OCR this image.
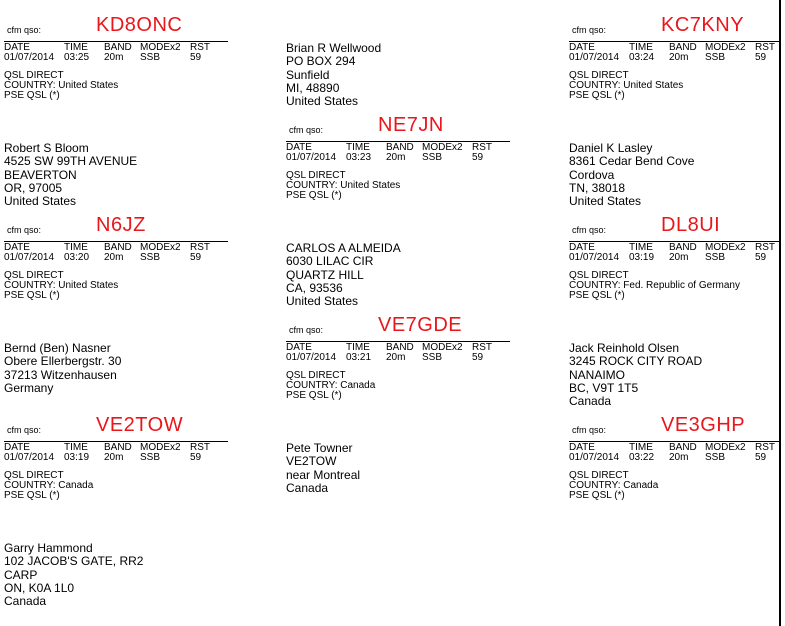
cfm qso:	KD8ONC
DATE	TIME BAND MODEx2 RST
01/07/2014 03:25 20m SSB	59
QSL DIRECT
COUNTRY: United States
PSE QSL (*)
cfm qso:	KC7KNY
DATE	TIME BAND MODEx2 RST
01/07/2014 03:24 20m SSB	59
QSL DIRECT
COUNTRY: United States
PSE QSL (*)
cfm qso:	NE7JN
DATE	TIME BAND MODEx2 RST
01/07/2014 03:23 20m SSB	59
QSL DIRECT
COUNTRY: United States
PSE QSL (*)
cfm qso:	N6JZ
DATE	TIME BAND MODEx2 RST
01/07/2014 03:20 20m SSB	59
QSL DIRECT
COUNTRY: United States
PSE QSL (*)
cfm qso:	DL8UI
DATE	TIME BAND MODEx2 RST
01/07/2014 03:19 20m SSB	59
QSL DIRECT
COUNTRY: Fed. Republic of Germany
PSE QSL (*)
cfm qso:	VE7GDE
DATE	TIME BAND MODEx2 RST
01/07/2014 03:21 20m SSB	59
QSL DIRECT
COUNTRY: Canada
PSE QSL (*)
cfm qso:	VE2TOW
DATE	TIME BAND MODEx2 RST
01/07/2014 03:19 20m SSB	59
QSL DIRECT
COUNTRY: Canada
PSE QSL (*)
cfm qso:	VE3GHP
DATE	TIME BAND MODEx2 RST
01/07/2014 03:22 20m SSB	59
QSL DIRECT
COUNTRY: Canada
PSE QSL (*)
Brian R Wellwood
PO BOX 294
Sunfield
MI, 48890
United States
Robert S Bloom
4525 SW 99TH AVENUE
BEAVERTON
OR, 97005
United States
Daniel K Lasley
8361 Cedar Bend Cove
Cordova
TN, 38018
United States
CARLOS A ALMEIDA
6030 LILAC CIR
QUARTZ HILL
CA, 93536
United States
Bernd (Ben) Nasner
Obere Ellerbergstr. 30
37213 Witzenhausen
Germany
Jack Reinhold Olsen
3245 ROCK CITY ROAD
NANAIMO
BC, V9T 1T5
Canada
Pete Towner
VE2TOW
near Montreal
Canada
Garry Hammond
102 JACOB'S GATE, RR2
CARP
ON, K0A 1L0
Canada
